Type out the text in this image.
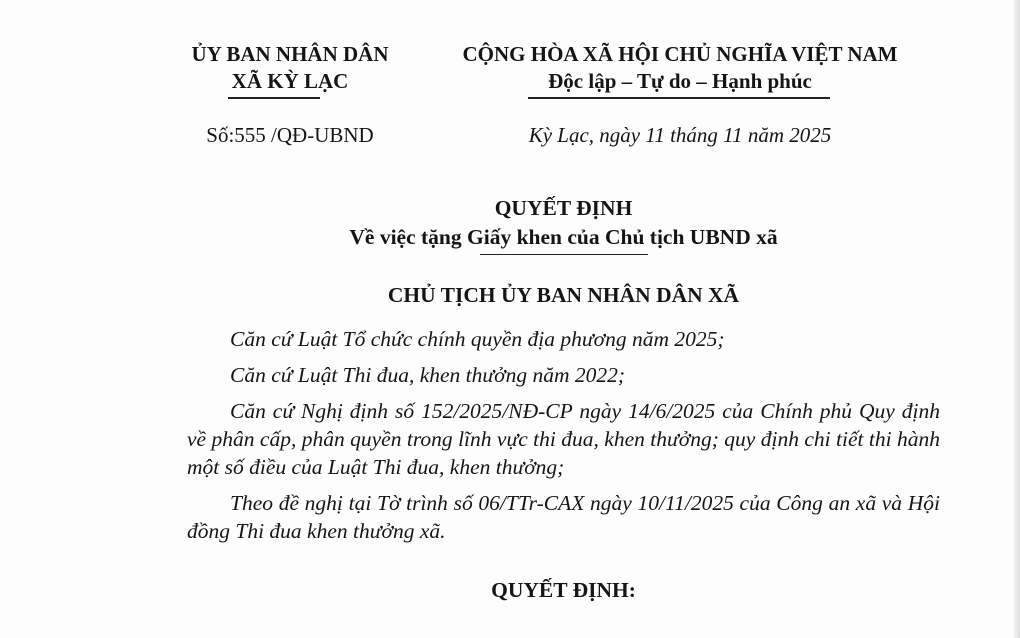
ỦY BAN NHÂN DÂN
XÃ KỲ LẠC
CỘNG HÒA XÃ HỘI CHỦ NGHĨA VIỆT NAM
Độc lập – Tự do – Hạnh phúc
Số:555 /QĐ-UBND	Kỳ Lạc, ngày 11 tháng 11 năm 2025
QUYẾT ĐỊNH
Về việc tặng Giấy khen của Chủ tịch UBND xã
CHỦ TỊCH ỦY BAN NHÂN DÂN XÃ

Căn cứ Luật Tổ chức chính quyền địa phương năm 2025;

Căn cứ Luật Thi đua, khen thưởng năm 2022;

Căn cứ Nghị định số 152/2025/NĐ-CP ngày 14/6/2025 của Chính phủ Quy định về phân cấp, phân quyền trong lĩnh vực thi đua, khen thưởng; quy định chi tiết thi hành một số điều của Luật Thi đua, khen thưởng;

Theo đề nghị tại Tờ trình số 06/TTr-CAX ngày 10/11/2025 của Công an xã và Hội đồng Thi đua khen thưởng xã.

QUYẾT ĐỊNH:
